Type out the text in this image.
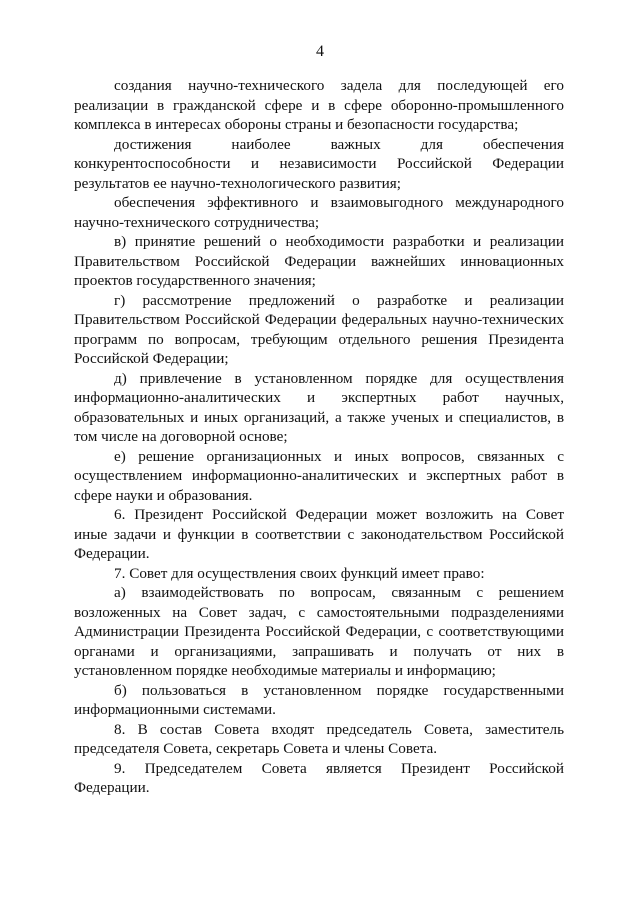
4

создания научно-технического задела для последующей его реализации в гражданской сфере и в сфере оборонно-промышленного комплекса в интересах обороны страны и безопасности государства;

достижения наиболее важных для обеспечения конкурентоспособности и независимости Российской Федерации результатов ее научно-технологического развития;

обеспечения эффективного и взаимовыгодного международного научно-технического сотрудничества;

в) принятие решений о необходимости разработки и реализации Правительством Российской Федерации важнейших инновационных проектов государственного значения;

г) рассмотрение предложений о разработке и реализации Правительством Российской Федерации федеральных научно-технических программ по вопросам, требующим отдельного решения Президента Российской Федерации;

д) привлечение в установленном порядке для осуществления информационно-аналитических и экспертных работ научных, образовательных и иных организаций, а также ученых и специалистов, в том числе на договорной основе;

е) решение организационных и иных вопросов, связанных с осуществлением информационно-аналитических и экспертных работ в сфере науки и образования.

6. Президент Российской Федерации может возложить на Совет иные задачи и функции в соответствии с законодательством Российской Федерации.

7. Совет для осуществления своих функций имеет право:

а) взаимодействовать по вопросам, связанным с решением возложенных на Совет задач, с самостоятельными подразделениями Администрации Президента Российской Федерации, с соответствующими органами и организациями, запрашивать и получать от них в установленном порядке необходимые материалы и информацию;

б) пользоваться в установленном порядке государственными информационными системами.

8. В состав Совета входят председатель Совета, заместитель председателя Совета, секретарь Совета и члены Совета.

9. Председателем Совета является Президент Российской Федерации.
